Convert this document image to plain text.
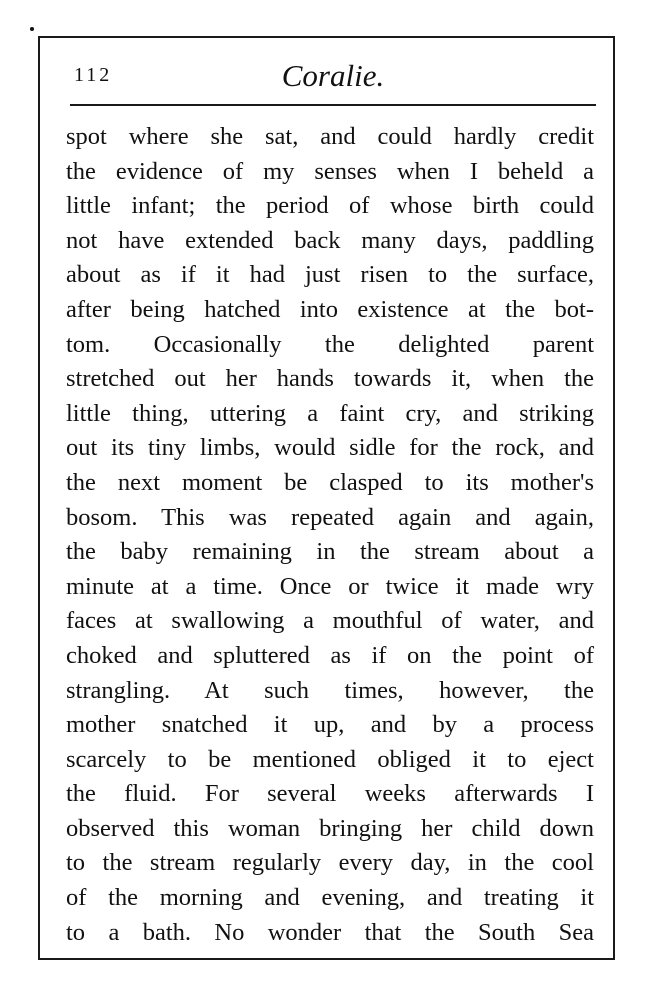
112	Coralie.
spot where she sat, and could hardly credit
the evidence of my senses when I beheld a
little infant; the period of whose birth could
not have extended back many days, paddling
about as if it had just risen to the surface,
after being hatched into existence at the bot-
tom. Occasionally the delighted parent
stretched out her hands towards it, when the
little thing, uttering a faint cry, and striking
out its tiny limbs, would sidle for the rock, and
the next moment be clasped to its mother's
bosom. This was repeated again and again,
the baby remaining in the stream about a
minute at a time. Once or twice it made wry
faces at swallowing a mouthful of water, and
choked and spluttered as if on the point of
strangling. At such times, however, the
mother snatched it up, and by a process
scarcely to be mentioned obliged it to eject
the fluid. For several weeks afterwards I
observed this woman bringing her child down
to the stream regularly every day, in the cool
of the morning and evening, and treating it
to a bath. No wonder that the South Sea
